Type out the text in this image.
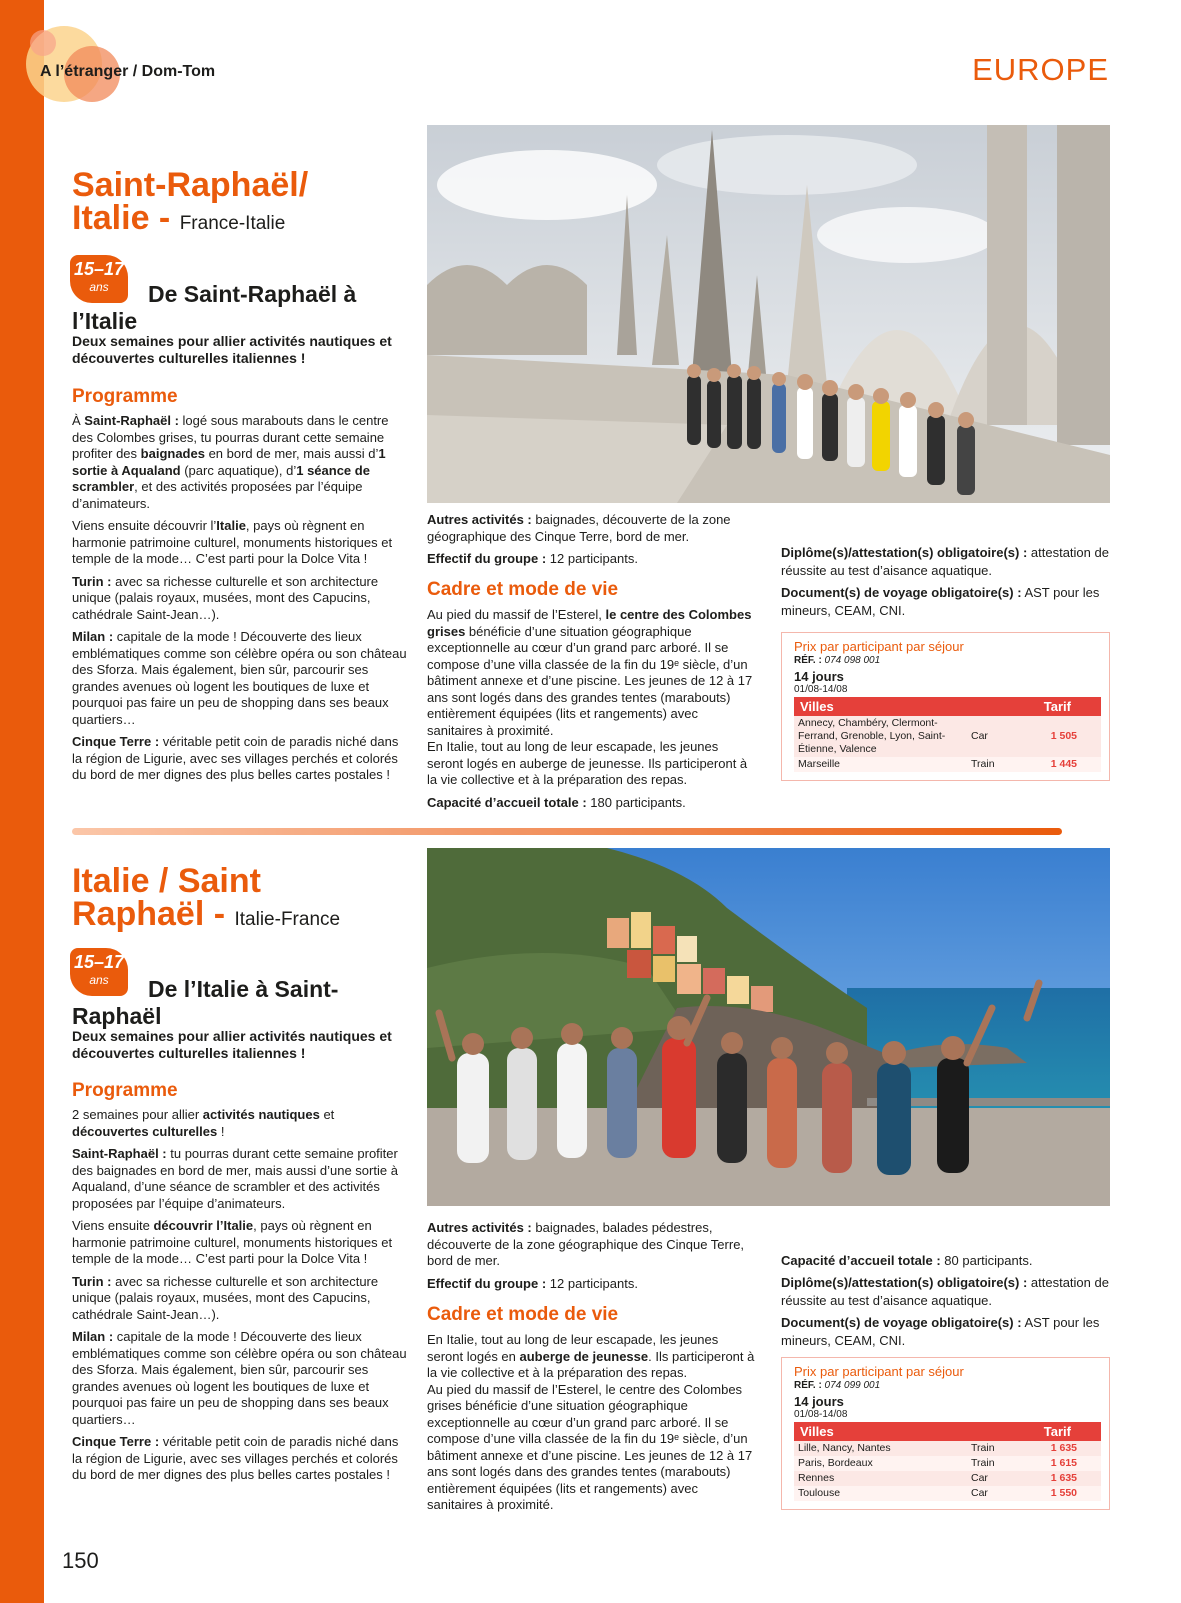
A l’étranger / Dom-Tom	EUROPE
Saint-Raphaël/
Italie - France-Italie
15–17
ans	De Saint-Raphaël à
l’Italie
Deux semaines pour allier activités nautiques et découvertes culturelles italiennes !
Programme

À Saint-Raphaël : logé sous marabouts dans le centre des Colombes grises, tu pourras durant cette semaine profiter des baignades en bord de mer, mais aussi d’1 sortie à Aqualand (parc aquatique), d’1 séance de scrambler, et des activités proposées par l’équipe d’animateurs.

Viens ensuite découvrir l’Italie, pays où règnent en harmonie patrimoine culturel, monuments historiques et temple de la mode… C’est parti pour la Dolce Vita !

Turin : avec sa richesse culturelle et son architecture unique (palais royaux, musées, mont des Capucins, cathédrale Saint-Jean…).

Milan : capitale de la mode ! Découverte des lieux emblématiques comme son célèbre opéra ou son château des Sforza. Mais également, bien sûr, parcourir ses grandes avenues où logent les boutiques de luxe et pourquoi pas faire un peu de shopping dans ses beaux quartiers…

Cinque Terre : véritable petit coin de paradis niché dans la région de Ligurie, avec ses villages perchés et colorés du bord de mer dignes des plus belles cartes postales !

Autres activités : baignades, découverte de la zone géographique des Cinque Terre, bord de mer.

Effectif du groupe : 12 participants.

Cadre et mode de vie

Au pied du massif de l’Esterel, le centre des Colombes grises bénéficie d’une situation géographique exceptionnelle au cœur d’un grand parc arboré. Il se compose d’une villa classée de la fin du 19ᵉ siècle, d’un bâtiment annexe et d’une piscine. Les jeunes de 12 à 17 ans sont logés dans des grandes tentes (marabouts) entièrement équipées (lits et rangements) avec sanitaires à proximité.

En Italie, tout au long de leur escapade, les jeunes seront logés en auberge de jeunesse. Ils participeront à la vie collective et à la préparation des repas.

Capacité d’accueil totale : 180 participants.

Diplôme(s)/attestation(s) obligatoire(s) : attestation de réussite au test d’aisance aquatique.

Document(s) de voyage obligatoire(s) : AST pour les mineurs, CEAM, CNI.

Prix par participant par séjour
RÉF. : 074 098 001
14 jours
01/08-14/08
Villes		Tarif
Annecy, Chambéry, Clermont-Ferrand, Grenoble, Lyon, Saint-Étienne, Valence	Car	1 505
Marseille	Train	1 445
Italie / Saint
Raphaël - Italie-France
15–17
ans	De l’Italie à Saint-
Raphaël
Deux semaines pour allier activités nautiques et découvertes culturelles italiennes !
Programme

2 semaines pour allier activités nautiques et découvertes culturelles !

Saint-Raphaël : tu pourras durant cette semaine profiter des baignades en bord de mer, mais aussi d’une sortie à Aqualand, d’une séance de scrambler et des activités proposées par l’équipe d’animateurs.

Viens ensuite découvrir l’Italie, pays où règnent en harmonie patrimoine culturel, monuments historiques et temple de la mode… C’est parti pour la Dolce Vita !

Turin : avec sa richesse culturelle et son architecture unique (palais royaux, musées, mont des Capucins, cathédrale Saint-Jean…).

Milan : capitale de la mode ! Découverte des lieux emblématiques comme son célèbre opéra ou son château des Sforza. Mais également, bien sûr, parcourir ses grandes avenues où logent les boutiques de luxe et pourquoi pas faire un peu de shopping dans ses beaux quartiers…

Cinque Terre : véritable petit coin de paradis niché dans la région de Ligurie, avec ses villages perchés et colorés du bord de mer dignes des plus belles cartes postales !

Autres activités : baignades, balades pédestres, découverte de la zone géographique des Cinque Terre, bord de mer.

Effectif du groupe : 12 participants.

Cadre et mode de vie

En Italie, tout au long de leur escapade, les jeunes seront logés en auberge de jeunesse. Ils participeront à la vie collective et à la préparation des repas.

Au pied du massif de l’Esterel, le centre des Colombes grises bénéficie d’une situation géographique exceptionnelle au cœur d’un grand parc arboré. Il se compose d’une villa classée de la fin du 19ᵉ siècle, d’un bâtiment annexe et d’une piscine. Les jeunes de 12 à 17 ans sont logés dans des grandes tentes (marabouts) entièrement équipées (lits et rangements) avec sanitaires à proximité.

Capacité d’accueil totale : 80 participants.

Diplôme(s)/attestation(s) obligatoire(s) : attestation de réussite au test d’aisance aquatique.

Document(s) de voyage obligatoire(s) : AST pour les mineurs, CEAM, CNI.

Prix par participant par séjour
RÉF. : 074 099 001
14 jours
01/08-14/08
Villes		Tarif
Lille, Nancy, Nantes	Train	1 635
Paris, Bordeaux	Train	1 615
Rennes	Car	1 635
Toulouse	Car	1 550
150
